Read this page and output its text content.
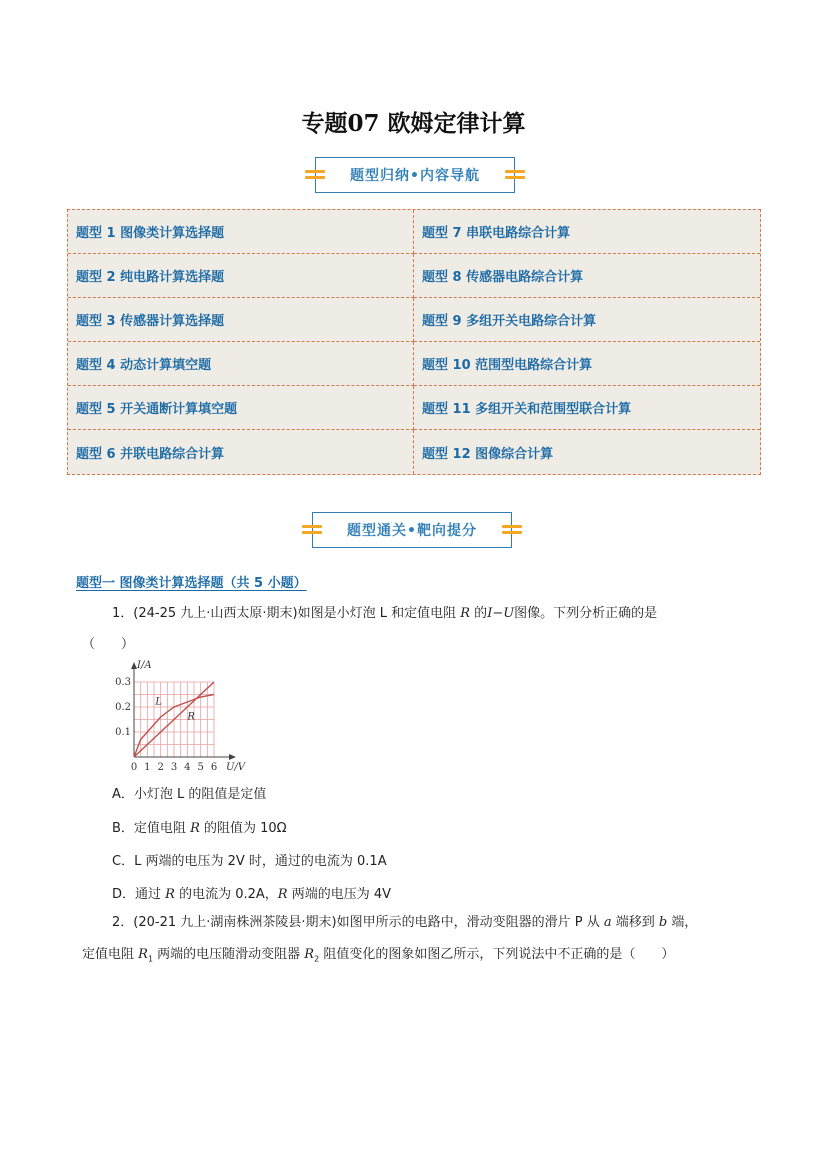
专题07 欧姆定律计算
题型归纳•内容导航
题型 1 图像类计算选择题	题型 7 串联电路综合计算
题型 2 纯电路计算选择题	题型 8 传感器电路综合计算
题型 3 传感器计算选择题	题型 9 多组开关电路综合计算
题型 4 动态计算填空题	题型 10 范围型电路综合计算
题型 5 开关通断计算填空题	题型 11 多组开关和范围型联合计算
题型 6 并联电路综合计算	题型 12 图像综合计算
题型通关•靶向提分
题型一 图像类计算选择题（共 5 小题）
1．(24-25 九上·山西太原·期末)如图是小灯泡 L 和定值电阻 R 的I−U图像。下列分析正确的是
（　　）
0 1 2 3 4 5 6
0.1
0.2
0.3
U/V
I/A
L
R
A．小灯泡 L 的阻值是定值
B．定值电阻 R 的阻值为 10Ω
C．L 两端的电压为 2V 时，通过的电流为 0.1A
D．通过 R 的电流为 0.2A，R 两端的电压为 4V
2．(20-21 九上·湖南株洲茶陵县·期末)如图甲所示的电路中，滑动变阻器的滑片 P 从 a 端移到 b 端，
定值电阻 $R_1$ 两端的电压随滑动变阻器 $R_2$ 阻值变化的图象如图乙所示，下列说法中不正确的是（　　）
